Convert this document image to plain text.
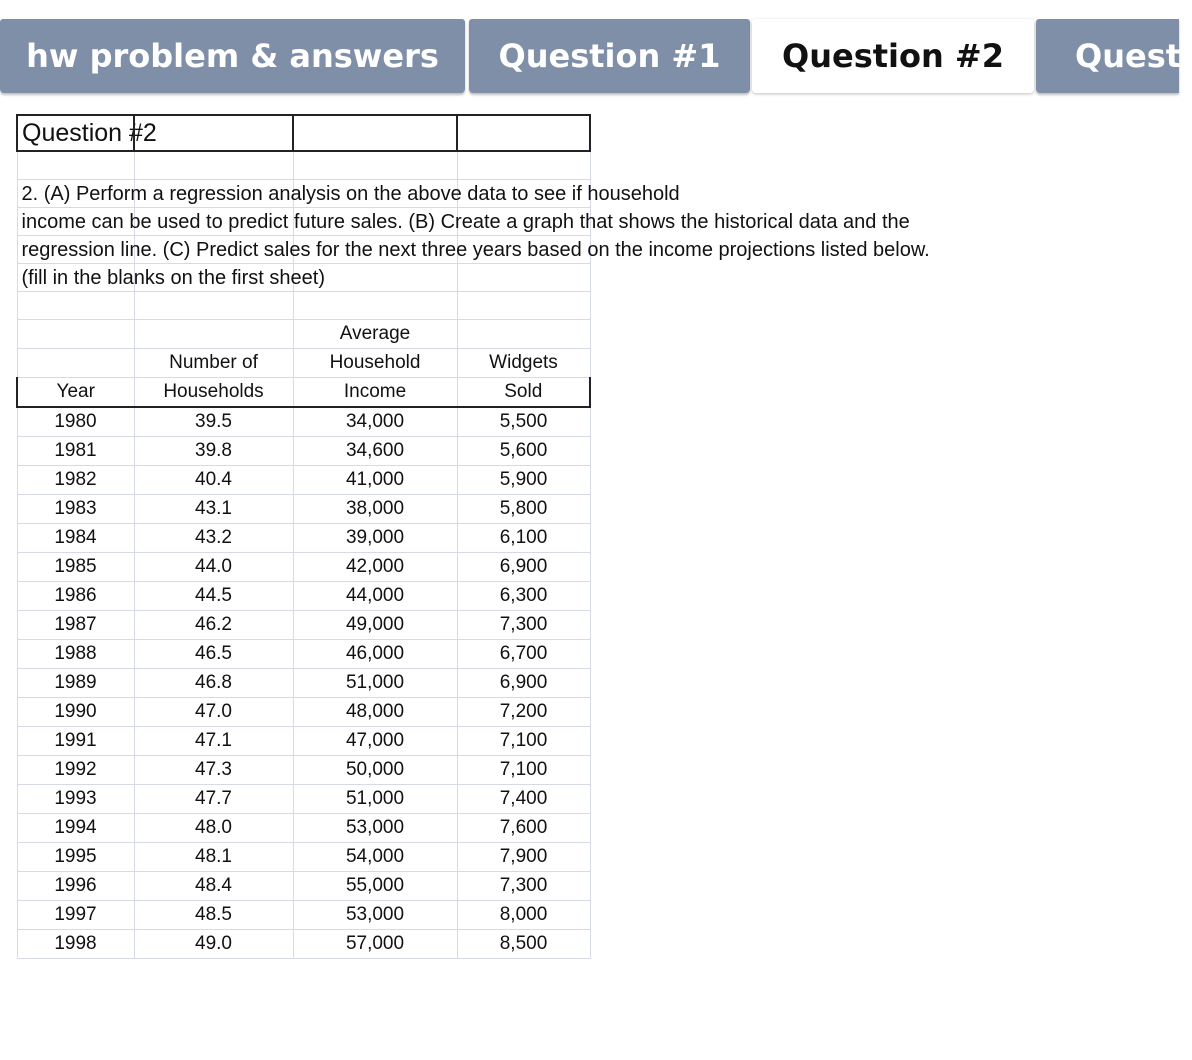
hw problem & answers	Question #1	Question #2	Questi
Question #2	

2. (A) Perform a regression analysis on the above data to see if household			

income can be used to predict future sales. (B) Create a graph that shows the historical data and the			

regression line. (C) Predict sales for the next three years based on the income projections listed below.			

(fill in the blanks on the first sheet)			

		Average	
	Number of	Household	Widgets
Year	Households	Income	Sold
1980	39.5	34,000	5,500
1981	39.8	34,600	5,600
1982	40.4	41,000	5,900
1983	43.1	38,000	5,800
1984	43.2	39,000	6,100
1985	44.0	42,000	6,900
1986	44.5	44,000	6,300
1987	46.2	49,000	7,300
1988	46.5	46,000	6,700
1989	46.8	51,000	6,900
1990	47.0	48,000	7,200
1991	47.1	47,000	7,100
1992	47.3	50,000	7,100
1993	47.7	51,000	7,400
1994	48.0	53,000	7,600
1995	48.1	54,000	7,900
1996	48.4	55,000	7,300
1997	48.5	53,000	8,000
1998	49.0	57,000	8,500
